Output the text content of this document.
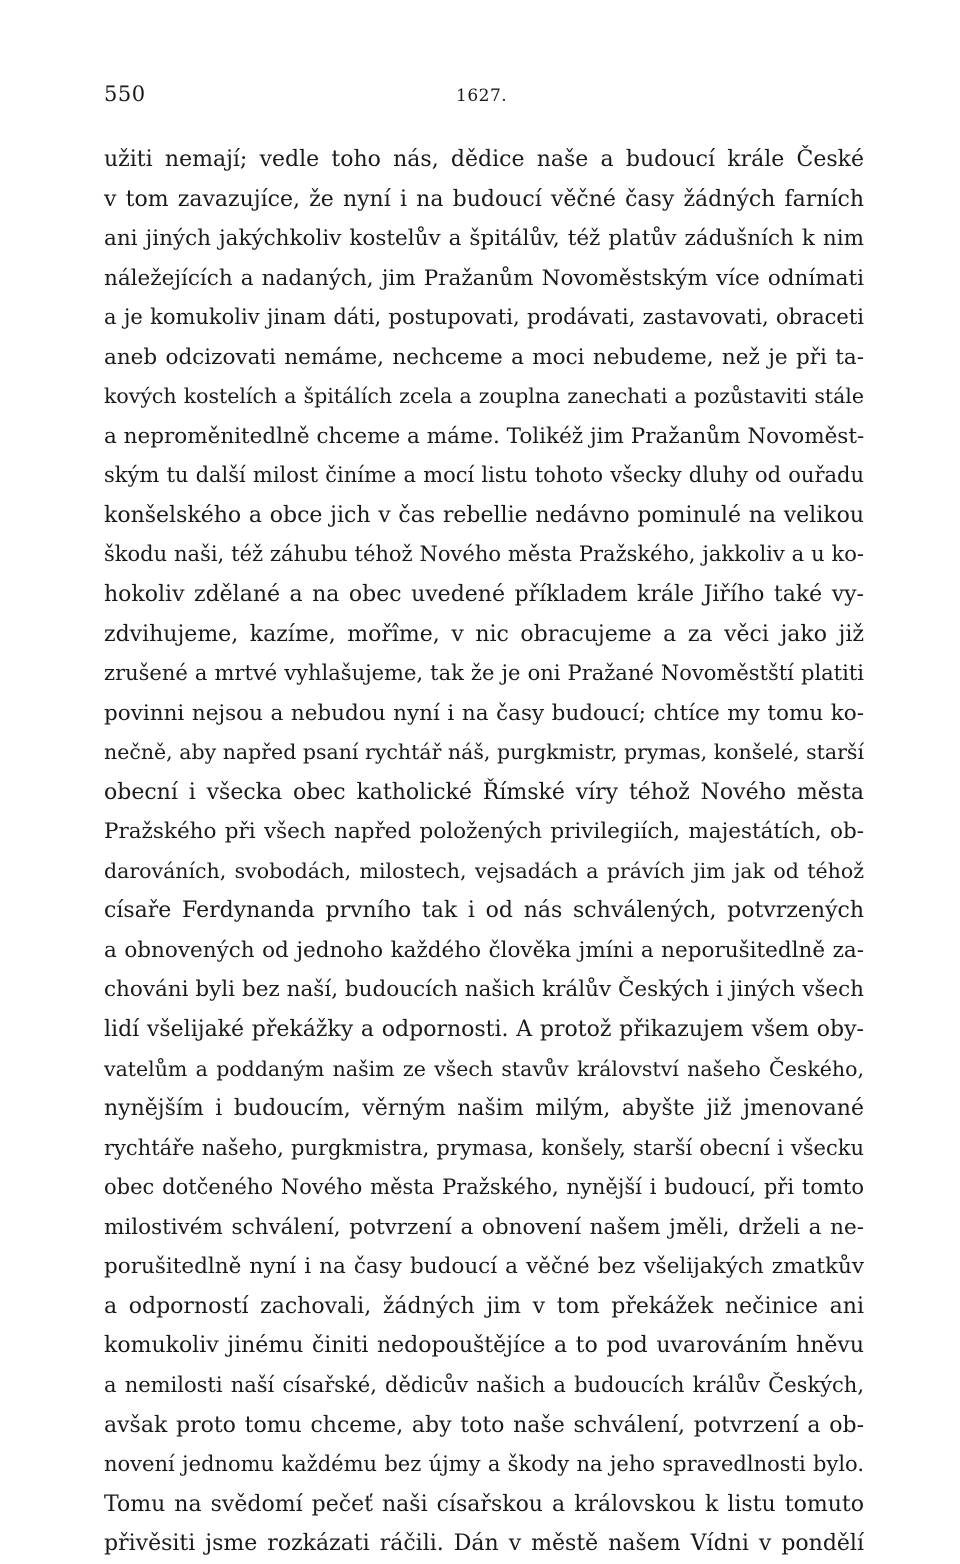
550	1627.
užiti nemají; vedle toho nás, dědice naše a budoucí krále České
v tom zavazujíce, že nyní i na budoucí věčné časy žádných farních
ani jiných jakýchkoliv kostelův a špitálův, též platův zádušních k nim
náležejících a nadaných, jim Pražanům Novoměstským více odnímati
a je komukoliv jinam dáti, postupovati, prodávati, zastavovati, obraceti
aneb odcizovati nemáme, nechceme a moci nebudeme, než je při ta-
kových kostelích a špitálích zcela a zouplna zanechati a pozůstaviti stále
a neproměnitedlně chceme a máme. Tolikéž jim Pražanům Novoměst-
ským tu další milost činíme a mocí listu tohoto všecky dluhy od ouřadu
konšelského a obce jich v čas rebellie nedávno pominulé na velikou
škodu naši, též záhubu téhož Nového města Pražského, jakkoliv a u ko-
hokoliv zdělané a na obec uvedené příkladem krále Jiřího také vy-
zdvihujeme, kazíme, mořîme, v nic obracujeme a za věci jako již
zrušené a mrtvé vyhlašujeme, tak že je oni Pražané Novoměstští platiti
povinni nejsou a nebudou nyní i na časy budoucí; chtíce my tomu ko-
nečně, aby napřed psaní rychtář náš, purgkmistr, prymas, konšelé, starší
obecní i všecka obec katholické Římské víry téhož Nového města
Pražského při všech napřed položených privilegiích, majestátích, ob-
darováních, svobodách, milostech, vejsadách a právích jim jak od téhož
císaře Ferdynanda prvního tak i od nás schválených, potvrzených
a obnovených od jednoho každého člověka jmíni a neporušitedlně za-
chováni byli bez naší, budoucích našich králův Českých i jiných všech
lidí všelijaké překážky a odpornosti. A protož přikazujem všem oby-
vatelům a poddaným našim ze všech stavův království našeho Českého,
nynějším i budoucím, věrným našim milým, abyšte již jmenované
rychtáře našeho, purgkmistra, prymasa, konšely, starší obecní i všecku
obec dotčeného Nového města Pražského, nynější i budoucí, při tomto
milostivém schválení, potvrzení a obnovení našem jměli, drželi a ne-
porušitedlně nyní i na časy budoucí a věčné bez všelijakých zmatkův
a odporností zachovali, žádných jim v tom překážek nečinice ani
komukoliv jinému činiti nedopouštějíce a to pod uvarováním hněvu
a nemilosti naší císařské, dědicův našich a budoucích králův Českých,
avšak proto tomu chceme, aby toto naše schválení, potvrzení a ob-
novení jednomu každému bez újmy a škody na jeho spravedlnosti bylo.
Tomu na svědomí pečeť naši císařskou a královskou k listu tomuto
přivěsiti jsme rozkázati ráčili. Dán v městě našem Vídni v pondělí
